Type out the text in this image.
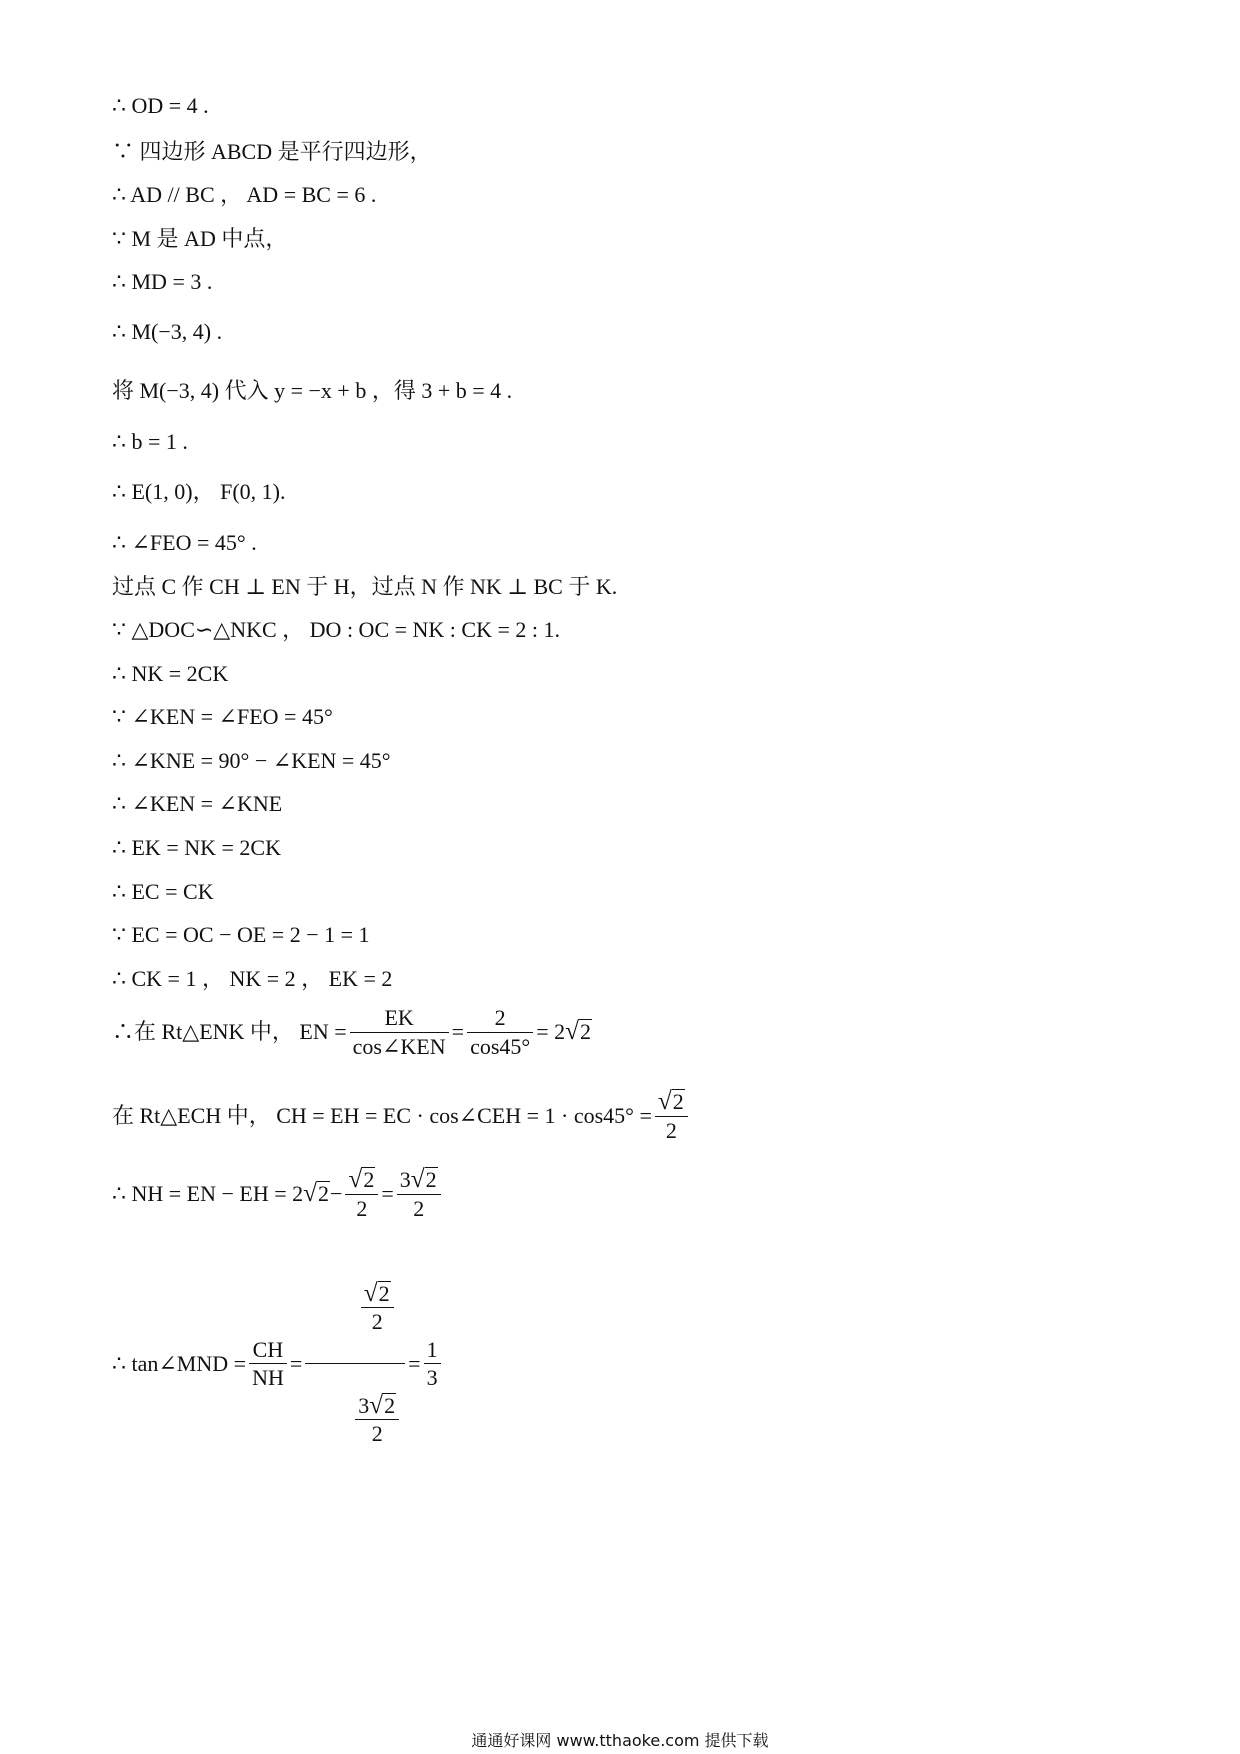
∴ OD = 4 .
∵ 四边形 ABCD 是平行四边形，
∴ AD // BC ， AD = BC = 6 .
∵ M 是 AD 中点，
∴ MD = 3 .
∴ M(−3, 4) .
将 M(−3, 4) 代入 y = −x + b ，得 3 + b = 4 .
∴ b = 1 .
∴ E(1, 0)， F(0, 1).
∴ ∠FEO = 45° .
过点 C 作 CH ⊥ EN 于 H，过点 N 作 NK ⊥ BC 于 K.
∵ △DOC∽△NKC ， DO : OC = NK : CK = 2 : 1.
∴ NK = 2CK
∵ ∠KEN = ∠FEO = 45°
∴ ∠KNE = 90° − ∠KEN = 45°
∴ ∠KEN = ∠KNE
∴ EK = NK = 2CK
∴ EC = CK
∵ EC = OC − OE = 2 − 1 = 1
∴ CK = 1 ， NK = 2 ， EK = 2
∴在 Rt△ENK 中， EN = $\frac{EK}{\text{cos∠KEN}} = \frac{2}{\cos 45^\circ} = 2$ √ 2
在 Rt△ECH 中， CH = EH = EC · cos∠CEH = $1 \cdot \cos 45^\circ = \frac{√ 2}{2}$
∴ NH = EN − EH = 2 √ $2 - \frac{√ 2}{2} = \frac{3 √ 2}{2}$
∴ tan∠MND = $\frac{CH}{NH}$ =

$\frac{\frac{√ 2}{2}}{\frac{3 √ 2}{2}}$

= $\frac{1}{3}$
通通好课网 www.tthaoke.com 提供下载
